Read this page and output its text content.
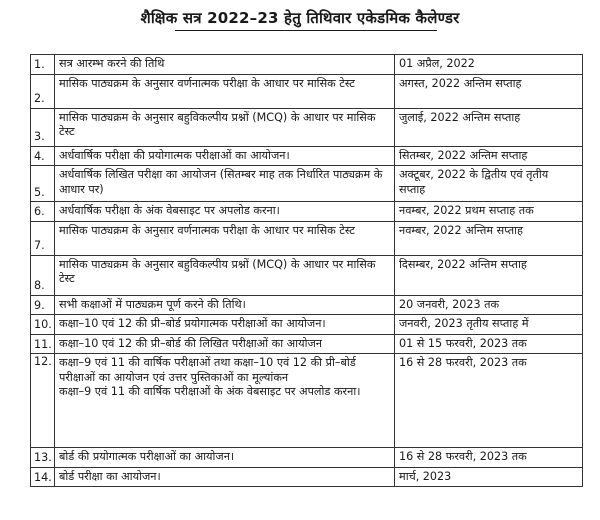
शैक्षिक सत्र 2022–23 हेतु तिथिवार एकेडमिक कैलेण्डर
1.	सत्र आरम्भ करने की तिथि	01 अप्रैल, 2022
2.	मासिक पाठ्यक्रम के अनुसार वर्णनात्मक परीक्षा के आधार पर मासिक टेस्ट	अगस्त, 2022 अन्तिम सप्ताह
3.	मासिक पाठ्यक्रम के अनुसार बहुविकल्पीय प्रश्नों (MCQ) के आधार पर मासिक टेस्ट	जुलाई, 2022 अन्तिम सप्ताह
4.	अर्धवार्षिक परीक्षा की प्रयोगात्मक परीक्षाओं का आयोजन।	सितम्बर, 2022 अन्तिम सप्ताह
5.	अर्धवार्षिक लिखित परीक्षा का आयोजन (सितम्बर माह तक निर्धारित पाठ्यक्रम के आधार पर)	अक्टूबर, 2022 के द्वितीय एवं तृतीय सप्ताह
6.	अर्धवार्षिक परीक्षा के अंक वेबसाइट पर अपलोड करना।	नवम्बर, 2022 प्रथम सप्ताह तक
7.	मासिक पाठ्यक्रम के अनुसार वर्णनात्मक परीक्षा के आधार पर मासिक टेस्ट	नवम्बर, 2022 अन्तिम सप्ताह
8.	मासिक पाठ्यक्रम के अनुसार बहुविकल्पीय प्रश्नों (MCQ) के आधार पर मासिक टेस्ट	दिसम्बर, 2022 अन्तिम सप्ताह
9.	सभी कक्षाओं में पाठ्यक्रम पूर्ण करने की तिथि।	20 जनवरी, 2023 तक
10.	कक्षा–10 एवं 12 की प्री–बोर्ड प्रयोगात्मक परीक्षाओं का आयोजन।	जनवरी, 2023 तृतीय सप्ताह में
11.	कक्षा–10 एवं 12 की प्री–बोर्ड की लिखित परीक्षाओं का आयोजन	01 से 15 फरवरी, 2023 तक
12.	कक्षा–9 एवं 11 की वार्षिक परीक्षाओं तथा कक्षा–10 एवं 12 की प्री–बोर्ड परीक्षाओं का आयोजन एवं उत्तर पुस्तिकाओं का मूल्यांकन
कक्षा–9 एवं 11 की वार्षिक परीक्षाओं के अंक वेबसाइट पर अपलोड करना।	16 से 28 फरवरी, 2023 तक
13.	बोर्ड की प्रयोगात्मक परीक्षाओं का आयोजन।	16 से 28 फरवरी, 2023 तक
14.	बोर्ड परीक्षा का आयोजन।	मार्च, 2023
